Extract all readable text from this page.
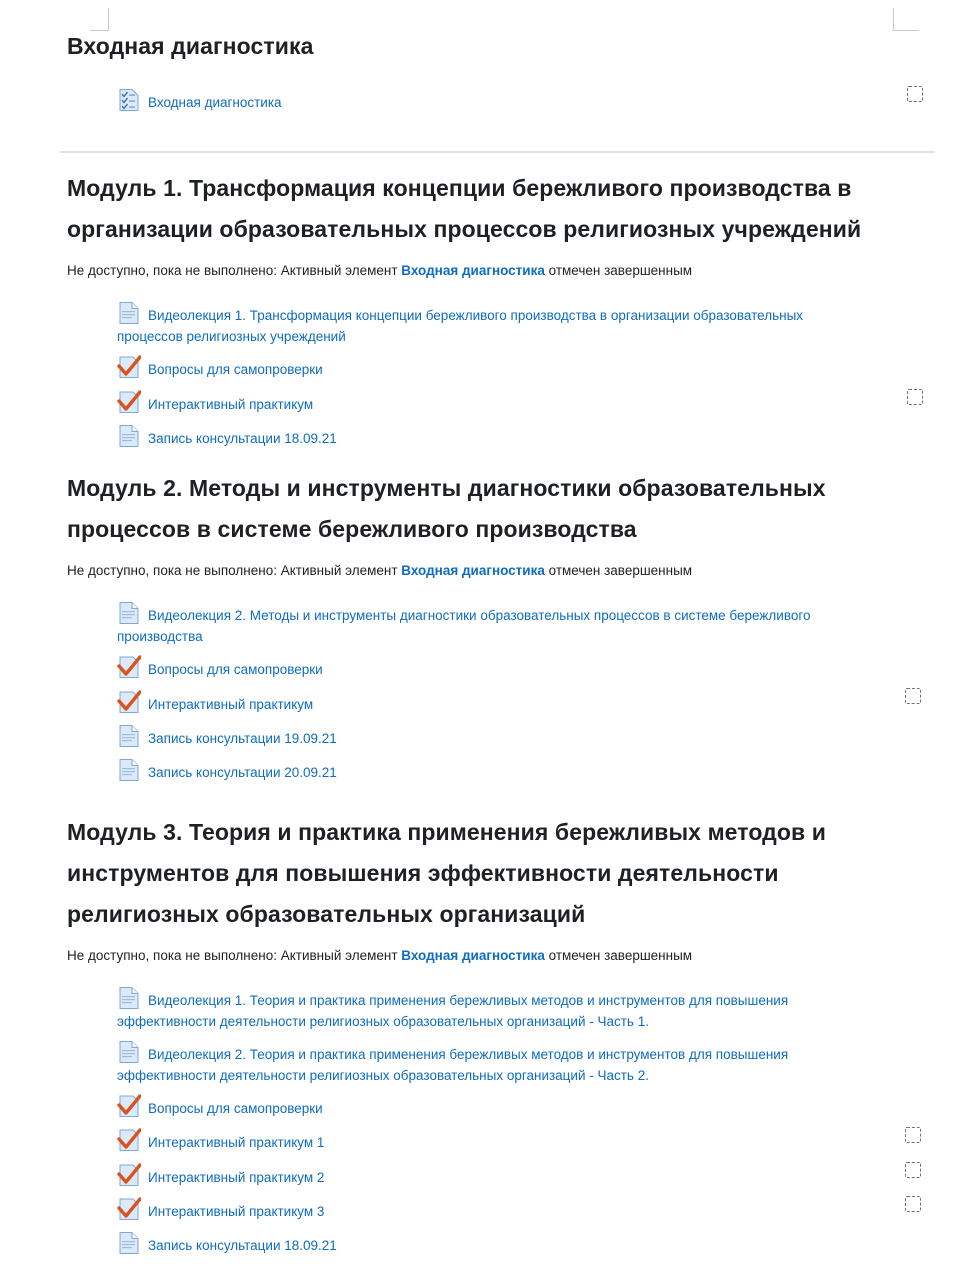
Входная диагностика
Входная диагностика
Модуль 1. Трансформация концепции бережливого производства в
организации образовательных процессов религиозных учреждений
Не доступно, пока не выполнено: Активный элемент Входная диагностика отмечен завершенным
Видеолекция 1. Трансформация концепции бережливого производства в организации образовательных процессов религиозных учреждений
Вопросы для самопроверки
Интерактивный практикум
Запись консультации 18.09.21
Модуль 2. Методы и инструменты диагностики образовательных
процессов в системе бережливого производства
Не доступно, пока не выполнено: Активный элемент Входная диагностика отмечен завершенным
Видеолекция 2. Методы и инструменты диагностики образовательных процессов в системе бережливого производства
Вопросы для самопроверки
Интерактивный практикум
Запись консультации 19.09.21
Запись консультации 20.09.21
Модуль 3. Теория и практика применения бережливых методов и
инструментов для повышения эффективности деятельности
религиозных образовательных организаций
Не доступно, пока не выполнено: Активный элемент Входная диагностика отмечен завершенным
Видеолекция 1. Теория и практика применения бережливых методов и инструментов для повышения эффективности деятельности религиозных образовательных организаций - Часть 1.
Видеолекция 2. Теория и практика применения бережливых методов и инструментов для повышения эффективности деятельности религиозных образовательных организаций - Часть 2.
Вопросы для самопроверки
Интерактивный практикум 1
Интерактивный практикум 2
Интерактивный практикум 3
Запись консультации 18.09.21
